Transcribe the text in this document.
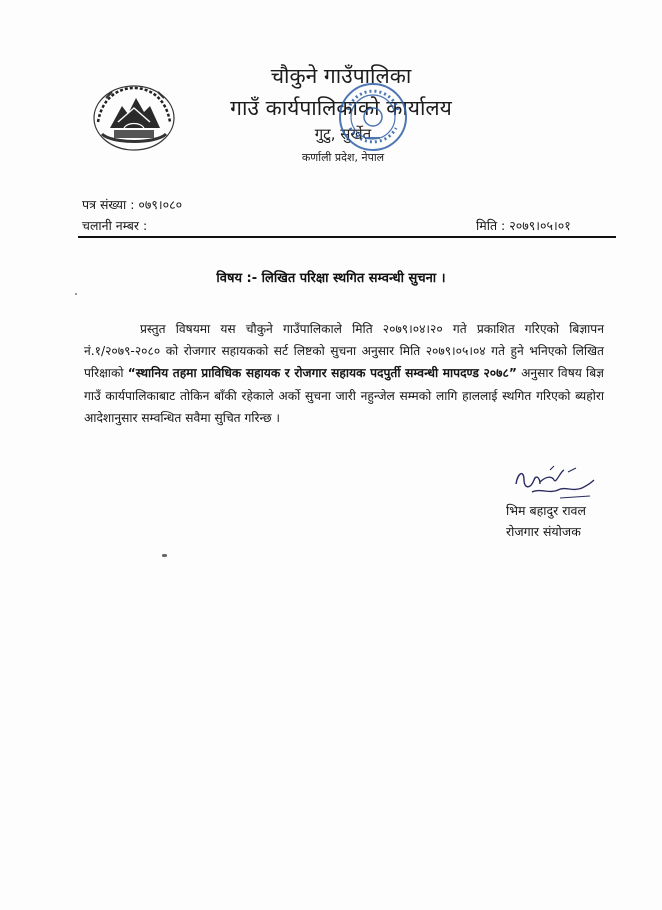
चौकुने गाउँपालिका
गाउँ कार्यपालिकाको कार्यालय
गुटु, सुर्खेत
कर्णाली प्रदेश, नेपाल
पत्र संख्या : ०७९।०८०
चलानी नम्बर :	मिति : २०७९।०५।०१
विषय :- लिखित परिक्षा स्थगित सम्वन्धी सुचना ।
प्रस्तुत विषयमा यस चौकुने गाउँपालिकाले मिति २०७९।०४।२० गते प्रकाशित गरिएको बिज्ञापन नं.१/२०७९-२०८० को रोजगार सहायकको सर्ट लिष्टको सुचना अनुसार मिति २०७९।०५।०४ गते हुने भनिएको लिखित परिक्षाको “स्थानिय तहमा प्राविधिक सहायक र रोजगार सहायक पदपुर्ती सम्वन्धी मापदण्ड २०७८” अनुसार विषय बिज्ञ गाउँ कार्यपालिकाबाट तोकिन बाँकी रहेकाले अर्को सुचना जारी नहुन्जेल सम्मको लागि हाललाई स्थगित गरिएको ब्यहोरा आदेशानुसार सम्वन्धित सवैमा सुचित गरिन्छ ।
भिम बहादुर रावल
रोजगार संयोजक
